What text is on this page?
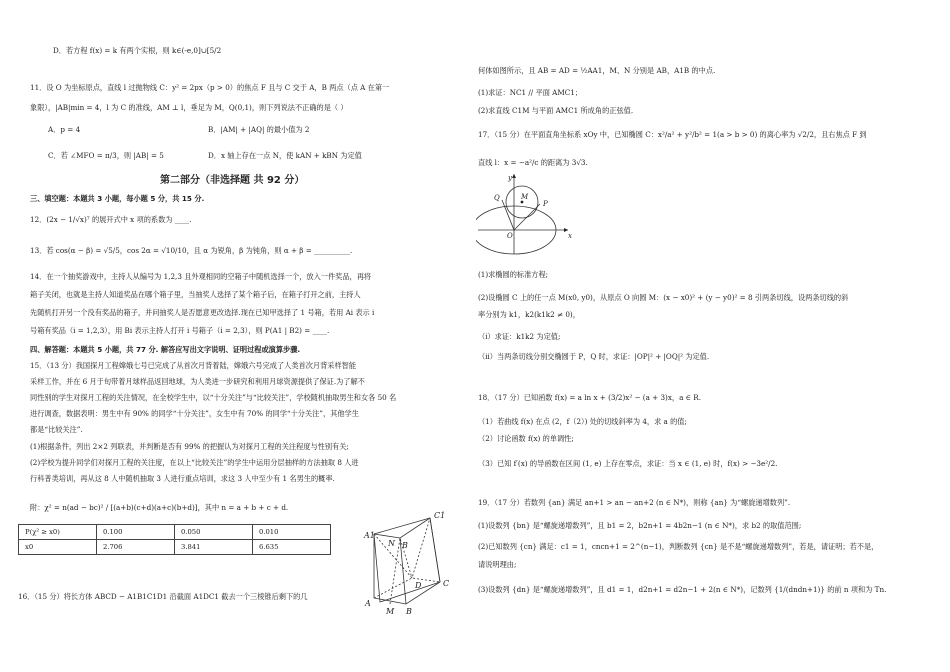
D．若方程 f(x) = k 有两个实根，则 k∈(-e,0]∪[5/2
11．设 O 为坐标原点，直线 l 过抛物线 C：y² = 2px（p > 0）的焦点 F 且与 C 交于 A，B 两点（点 A 在第一
象限），|AB|min = 4，l 为 C 的准线，AM ⊥ l，垂足为 M，Q(0,1)，则下列说法不正确的是（ ）
A．p = 4	B．|AM| + |AQ| 的最小值为 2
C．若 ∠MFO = π/3，则 |AB| = 5	D．x 轴上存在一点 N，使 kAN + kBN 为定值
第二部分（非选择题 共 92 分）
三、填空题：本题共 3 小题，每小题 5 分，共 15 分.
12．(2x − 1/√x)⁷ 的展开式中 x 项的系数为 ____.
13．若 cos(α − β) = √5/5，cos 2α = √10/10，且 α 为锐角，β 为钝角，则 α + β = __________.
14．在一个抽奖游戏中，主持人从编号为 1,2,3 且外观相同的空箱子中随机选择一个，放入一件奖品，再将
箱子关闭，也就是主持人知道奖品在哪个箱子里，当抽奖人选择了某个箱子后，在箱子打开之前，主持人
先随机打开另一个没有奖品的箱子，并问抽奖人是否愿意更改选择.现在已知甲选择了 1 号箱，若用 Ai 表示 i
号箱有奖品（i = 1,2,3），用 Bi 表示主持人打开 i 号箱子（i = 2,3），则 P(A1 | B2) = ____.
四、解答题：本题共 5 小题，共 77 分. 解答应写出文字说明、证明过程或演算步骤.
15．（13 分）我国探月工程嫦娥七号已完成了从首次月背着陆，嫦娥六号完成了人类首次月背采样智能
采样工作，并在 6 月于旬带着月球样品返回地球，为人类进一步研究和利用月球资源提供了保证.为了解不
同性别的学生对探月工程的关注情况，在全校学生中，以“十分关注”与“比较关注”，学校随机抽取男生和女各 50 名
进行调查，数据表明：男生中有 90% 的同学“十分关注”，女生中有 70% 的同学“十分关注”，其他学生
都是“比较关注”.
(1)根据条件，列出 2×2 列联表，并判断是否有 99% 的把握认为对探月工程的关注程度与性别有关;
(2)学校为提升同学们对探月工程的关注度，在以上“比较关注”的学生中运用分层抽样的方法抽取 8 人进
行科普类培训，再从这 8 人中随机抽取 3 人进行重点培训，求这 3 人中至少有 1 名男生的概率.
附：χ² = n(ad − bc)² / [(a+b)(c+d)(a+c)(b+d)]，其中 n = a + b + c + d.
P(χ² ≥ x0)	0.100	0.050	0.010
x0	2.706	3.841	6.635
16．（15 分）将长方体 ABCD − A1B1C1D1 沿截面 A1DC1 截去一个三棱锥后剩下的几
C1
A1
N B
D	C
A
M B
何体如图所示，且 AB = AD = ½AA1，M、N 分别是 AB，A1B 的中点.
(1)求证：NC1 // 平面 AMC1；
(2)求直线 C1M 与平面 AMC1 所成角的正弦值.
17．（15 分）在平面直角坐标系 xOy 中，已知椭圆 C：x²/a² + y²/b² = 1(a > b > 0) 的离心率为 √2/2，且右焦点 F 到
直线 l：x = −a²/c 的距离为 3√3.
y
Q	M
P
O	x
(1)求椭圆的标准方程;
(2)设椭圆 C 上的任一点 M(x0, y0)，从原点 O 向圆 M：(x − x0)² + (y − y0)² = 8 引两条切线，设两条切线的斜
率分别为 k1，k2(k1k2 ≠ 0)，
（i）求证：k1k2 为定值;
（ii）当两条切线分别交椭圆于 P，Q 时，求证：|OP|² + |OQ|² 为定值.
18．（17 分）已知函数 f(x) = a ln x + (3/2)x² − (a + 3)x，a ∈ R.
（1）若曲线 f(x) 在点 (2，f（2）) 处的切线斜率为 4，求 a 的值;
（2）讨论函数 f(x) 的单调性;
（3）已知 f′(x) 的导函数在区间 (1, e) 上存在零点，求证：当 x ∈ (1, e) 时，f(x) > −3e²/2.
19．（17 分）若数列 {an} 满足 an+1 > an − an+2 (n ∈ N*)，则称 {an} 为“螺旋递增数列”.
(1)设数列 {bn} 是“螺旋递增数列”，且 b1 = 2，b2n+1 = 4b2n−1 (n ∈ N*)，求 b2 的取值范围;
(2)已知数列 {cn} 满足：c1 = 1，cncn+1 = 2^(n−1)，判断数列 {cn} 是不是“螺旋递增数列”，若是，请证明；若不是，
请说明理由;
(3)设数列 {dn} 是“螺旋递增数列”，且 d1 = 1，d2n+1 = d2n−1 + 2(n ∈ N*)，记数列 {1/(dndn+1)} 的前 n 项和为 Tn.
